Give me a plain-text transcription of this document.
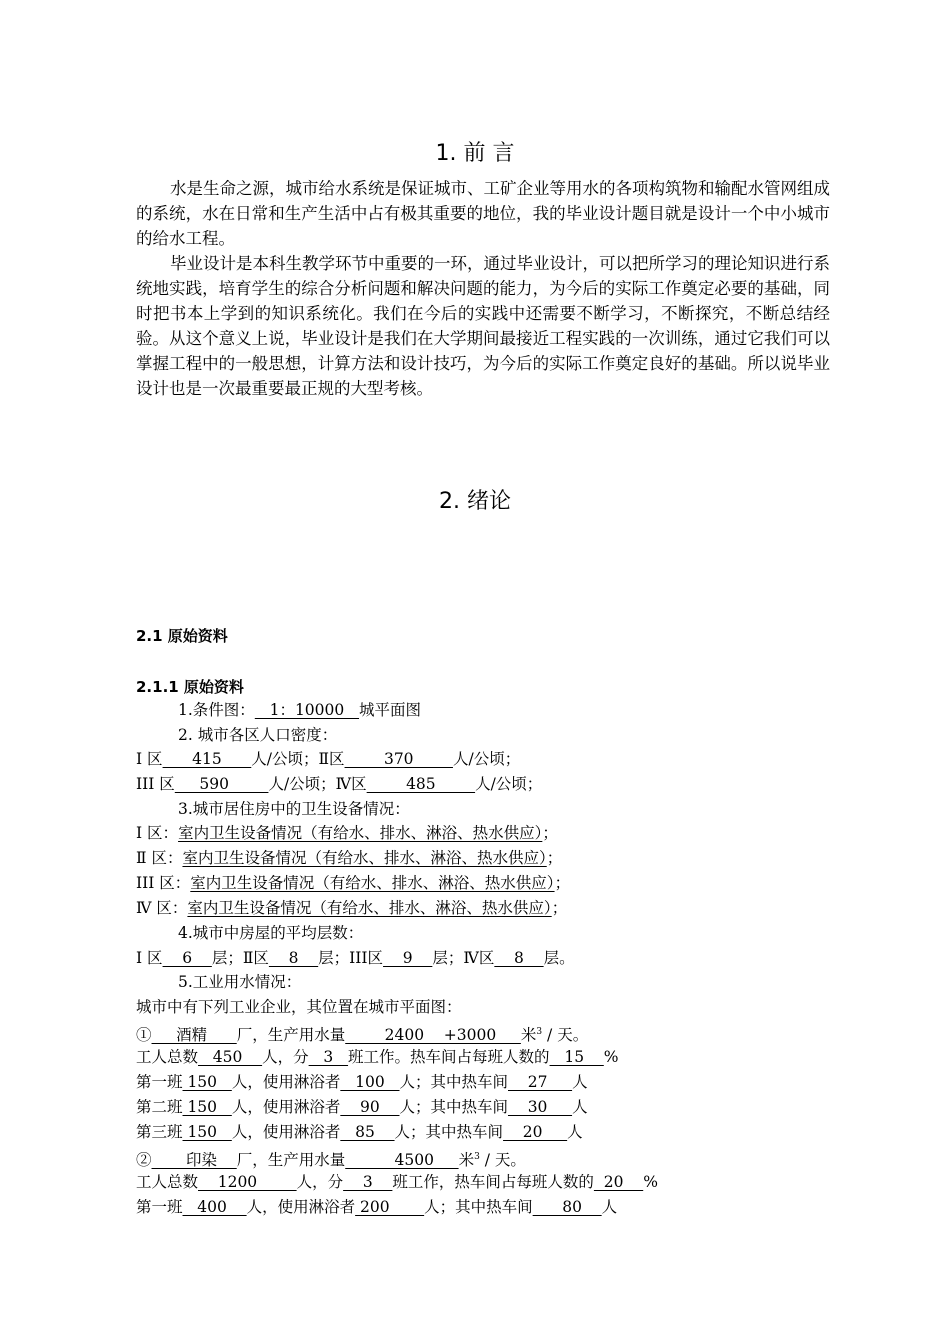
1. 前 言
水是生命之源，城市给水系统是保证城市、工矿企业等用水的各项构筑物和输配水管网组成的系统，水在日常和生产生活中占有极其重要的地位，我的毕业设计题目就是设计一个中小城市的给水工程。
毕业设计是本科生教学环节中重要的一环，通过毕业设计，可以把所学习的理论知识进行系统地实践，培育学生的综合分析问题和解决问题的能力，为今后的实际工作奠定必要的基础，同时把书本上学到的知识系统化。我们在今后的实践中还需要不断学习，不断探究，不断总结经验。从这个意义上说，毕业设计是我们在大学期间最接近工程实践的一次训练，通过它我们可以掌握工程中的一般思想，计算方法和设计技巧，为今后的实际工作奠定良好的基础。所以说毕业设计也是一次最重要最正规的大型考核。
2. 绪论
2.1 原始资料
2.1.1 原始资料
1.条件图：   1：10000   城平面图
2. 城市各区人口密度：
Ⅰ 区      415      人/公顷；Ⅱ区        370        人/公顷；
III 区     590        人/公顷；Ⅳ区        485        人/公顷；
3.城市居住房中的卫生设备情况：
Ⅰ 区：室内卫生设备情况（有给水、排水、淋浴、热水供应）；
Ⅱ 区：室内卫生设备情况（有给水、排水、淋浴、热水供应）；
III 区：室内卫生设备情况（有给水、排水、淋浴、热水供应）；
Ⅳ 区：室内卫生设备情况（有给水、排水、淋浴、热水供应）；
4.城市中房屋的平均层数：
Ⅰ 区    6    层；Ⅱ区    8    层；III区    9    层；Ⅳ区    8    层。
5.工业用水情况：
城市中有下列工业企业，其位置在城市平面图：
①     酒精      厂，生产用水量        2400    +3000     米$^3$ / 天。
工人总数   450    人，分   3   班工作。热车间占每班人数的   15    %
第一班 150   人，使用淋浴者   100   人；其中热车间    27     人
第二班 150   人，使用淋浴者    90    人；其中热车间    30     人
第三班 150   人，使用淋浴者   85    人；其中热车间    20     人
②       印染    厂，生产用水量          4500     米$^3$ / 天。
工人总数    1200        人，分    3    班工作，热车间占每班人数的  20    %
第一班   400    人，使用淋浴者 200       人；其中热车间      80    人
